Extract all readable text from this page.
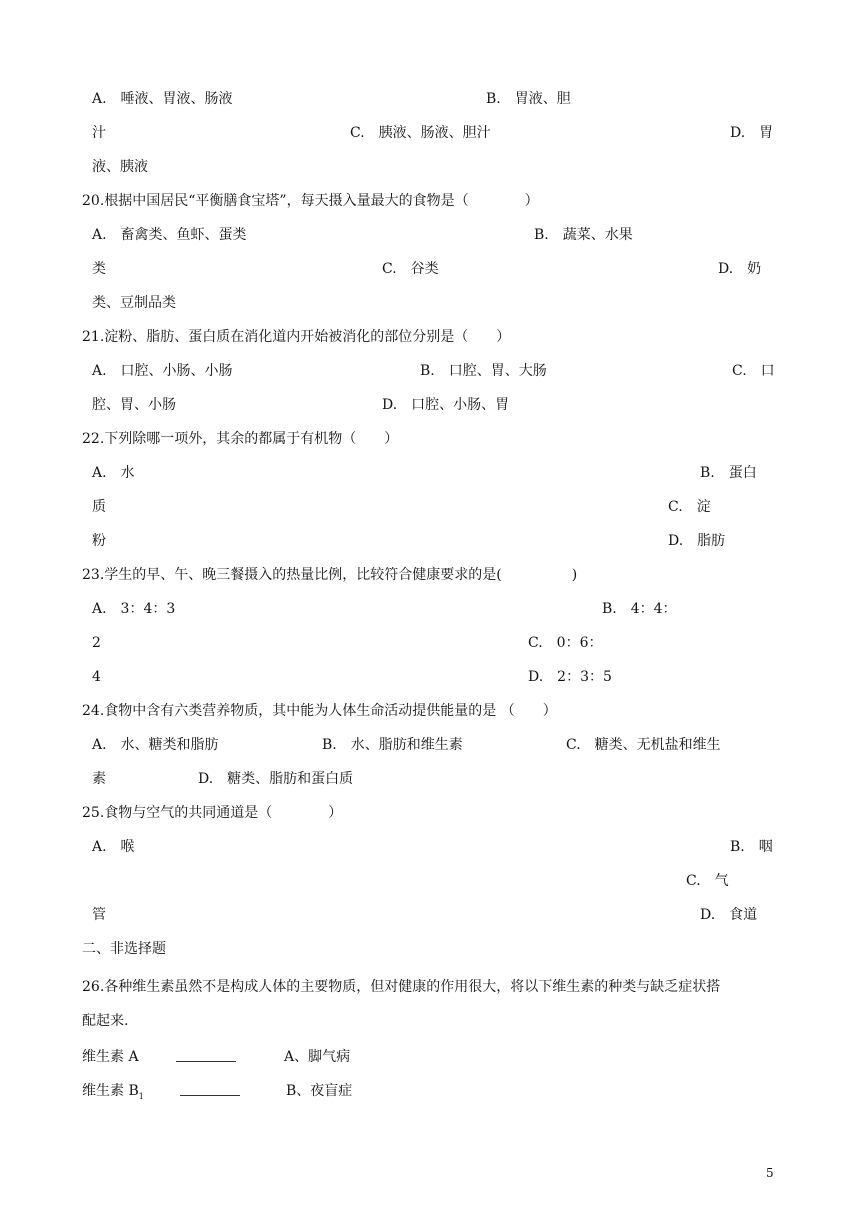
A.　唾液、胃液、肠液	B.　胃液、胆
汁	C.　胰液、肠液、胆汁	D.　胃
液、胰液
20.根据中国居民“平衡膳食宝塔”，每天摄入量最大的食物是（　　　　）
A.　畜禽类、鱼虾、蛋类	B.　蔬菜、水果
类	C.　谷类	D.　奶
类、豆制品类
21.淀粉、脂肪、蛋白质在消化道内开始被消化的部位分别是（　　）
A.　口腔、小肠、小肠	B.　口腔、胃、大肠	C.　口
腔、胃、小肠	D.　口腔、小肠、胃
22.下列除哪一项外，其余的都属于有机物（　　）
A.　水	B.　蛋白
质	C.　淀
粉	D.　脂肪
23.学生的早、午、晚三餐摄入的热量比例，比较符合健康要求的是(　　　　　)
A.　3：4：3	B.　4：4：
2	C.　0：6：
4	D.　2：3：5
24.食物中含有六类营养物质，其中能为人体生命活动提供能量的是 （　　）
A.　水、糖类和脂肪	B.　水、脂肪和维生素	C.　糖类、无机盐和维生
素	D.　糖类、脂肪和蛋白质
25.食物与空气的共同通道是（　　　　）
A.　喉	B.　咽
C.　气
管	D.　食道
二、非选择题
26.各种维生素虽然不是构成人体的主要物质，但对健康的作用很大，将以下维生素的种类与缺乏症状搭
配起来.
维生素 A	A、脚气病
维生素 $B_1$	B、夜盲症
5
